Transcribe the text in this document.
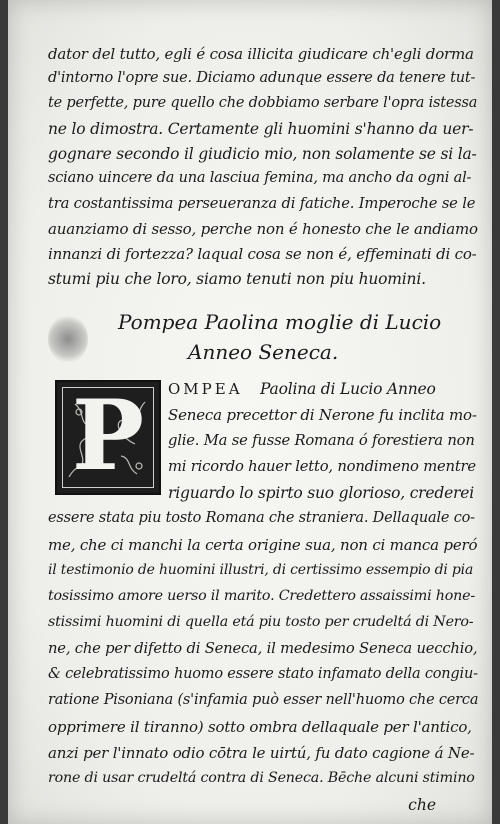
dator del tutto, egli é cosa illicita giudicare ch'egli dorma
d'intorno l'opre sue. Diciamo adunque essere da tenere tut-
te perfette, pure quello che dobbiamo serbare l'opra istessa
ne lo dimostra. Certamente gli huomini s'hanno da uer-
gognare secondo il giudicio mio, non solamente se si la-
sciano uincere da una lasciua femina, ma ancho da ogni al-
tra costantissima perseueranza di fatiche. Imperoche se le
auanziamo di sesso, perche non é honesto che le andiamo
innanzi di fortezza? laqual cosa se non é, effeminati di co-
stumi piu che loro, siamo tenuti non piu huomini.
Pompea Paolina moglie di Lucio
Anneo Seneca.
P	OMPEA Paolina di Lucio Anneo
Seneca precettor di Nerone fu inclita mo-
glie. Ma se fusse Romana ó forestiera non
mi ricordo hauer letto, nondimeno mentre
riguardo lo spirto suo glorioso, crederei
essere stata piu tosto Romana che straniera. Dellaquale co-
me, che ci manchi la certa origine sua, non ci manca peró
il testimonio de huomini illustri, di certissimo essempio di pia
tosissimo amore uerso il marito. Credettero assaissimi hone-
stissimi huomini di quella etá piu tosto per crudeltá di Nero-
ne, che per difetto di Seneca, il medesimo Seneca uecchio,
& celebratissimo huomo essere stato infamato della congiu-
ratione Pisoniana (s'infamia può esser nell'huomo che cerca
opprimere il tiranno) sotto ombra dellaquale per l'antico,
anzi per l'innato odio cōtra le uirtú, fu dato cagione á Ne-
rone di usar crudeltá contra di Seneca. Bēche alcuni stimino
che
